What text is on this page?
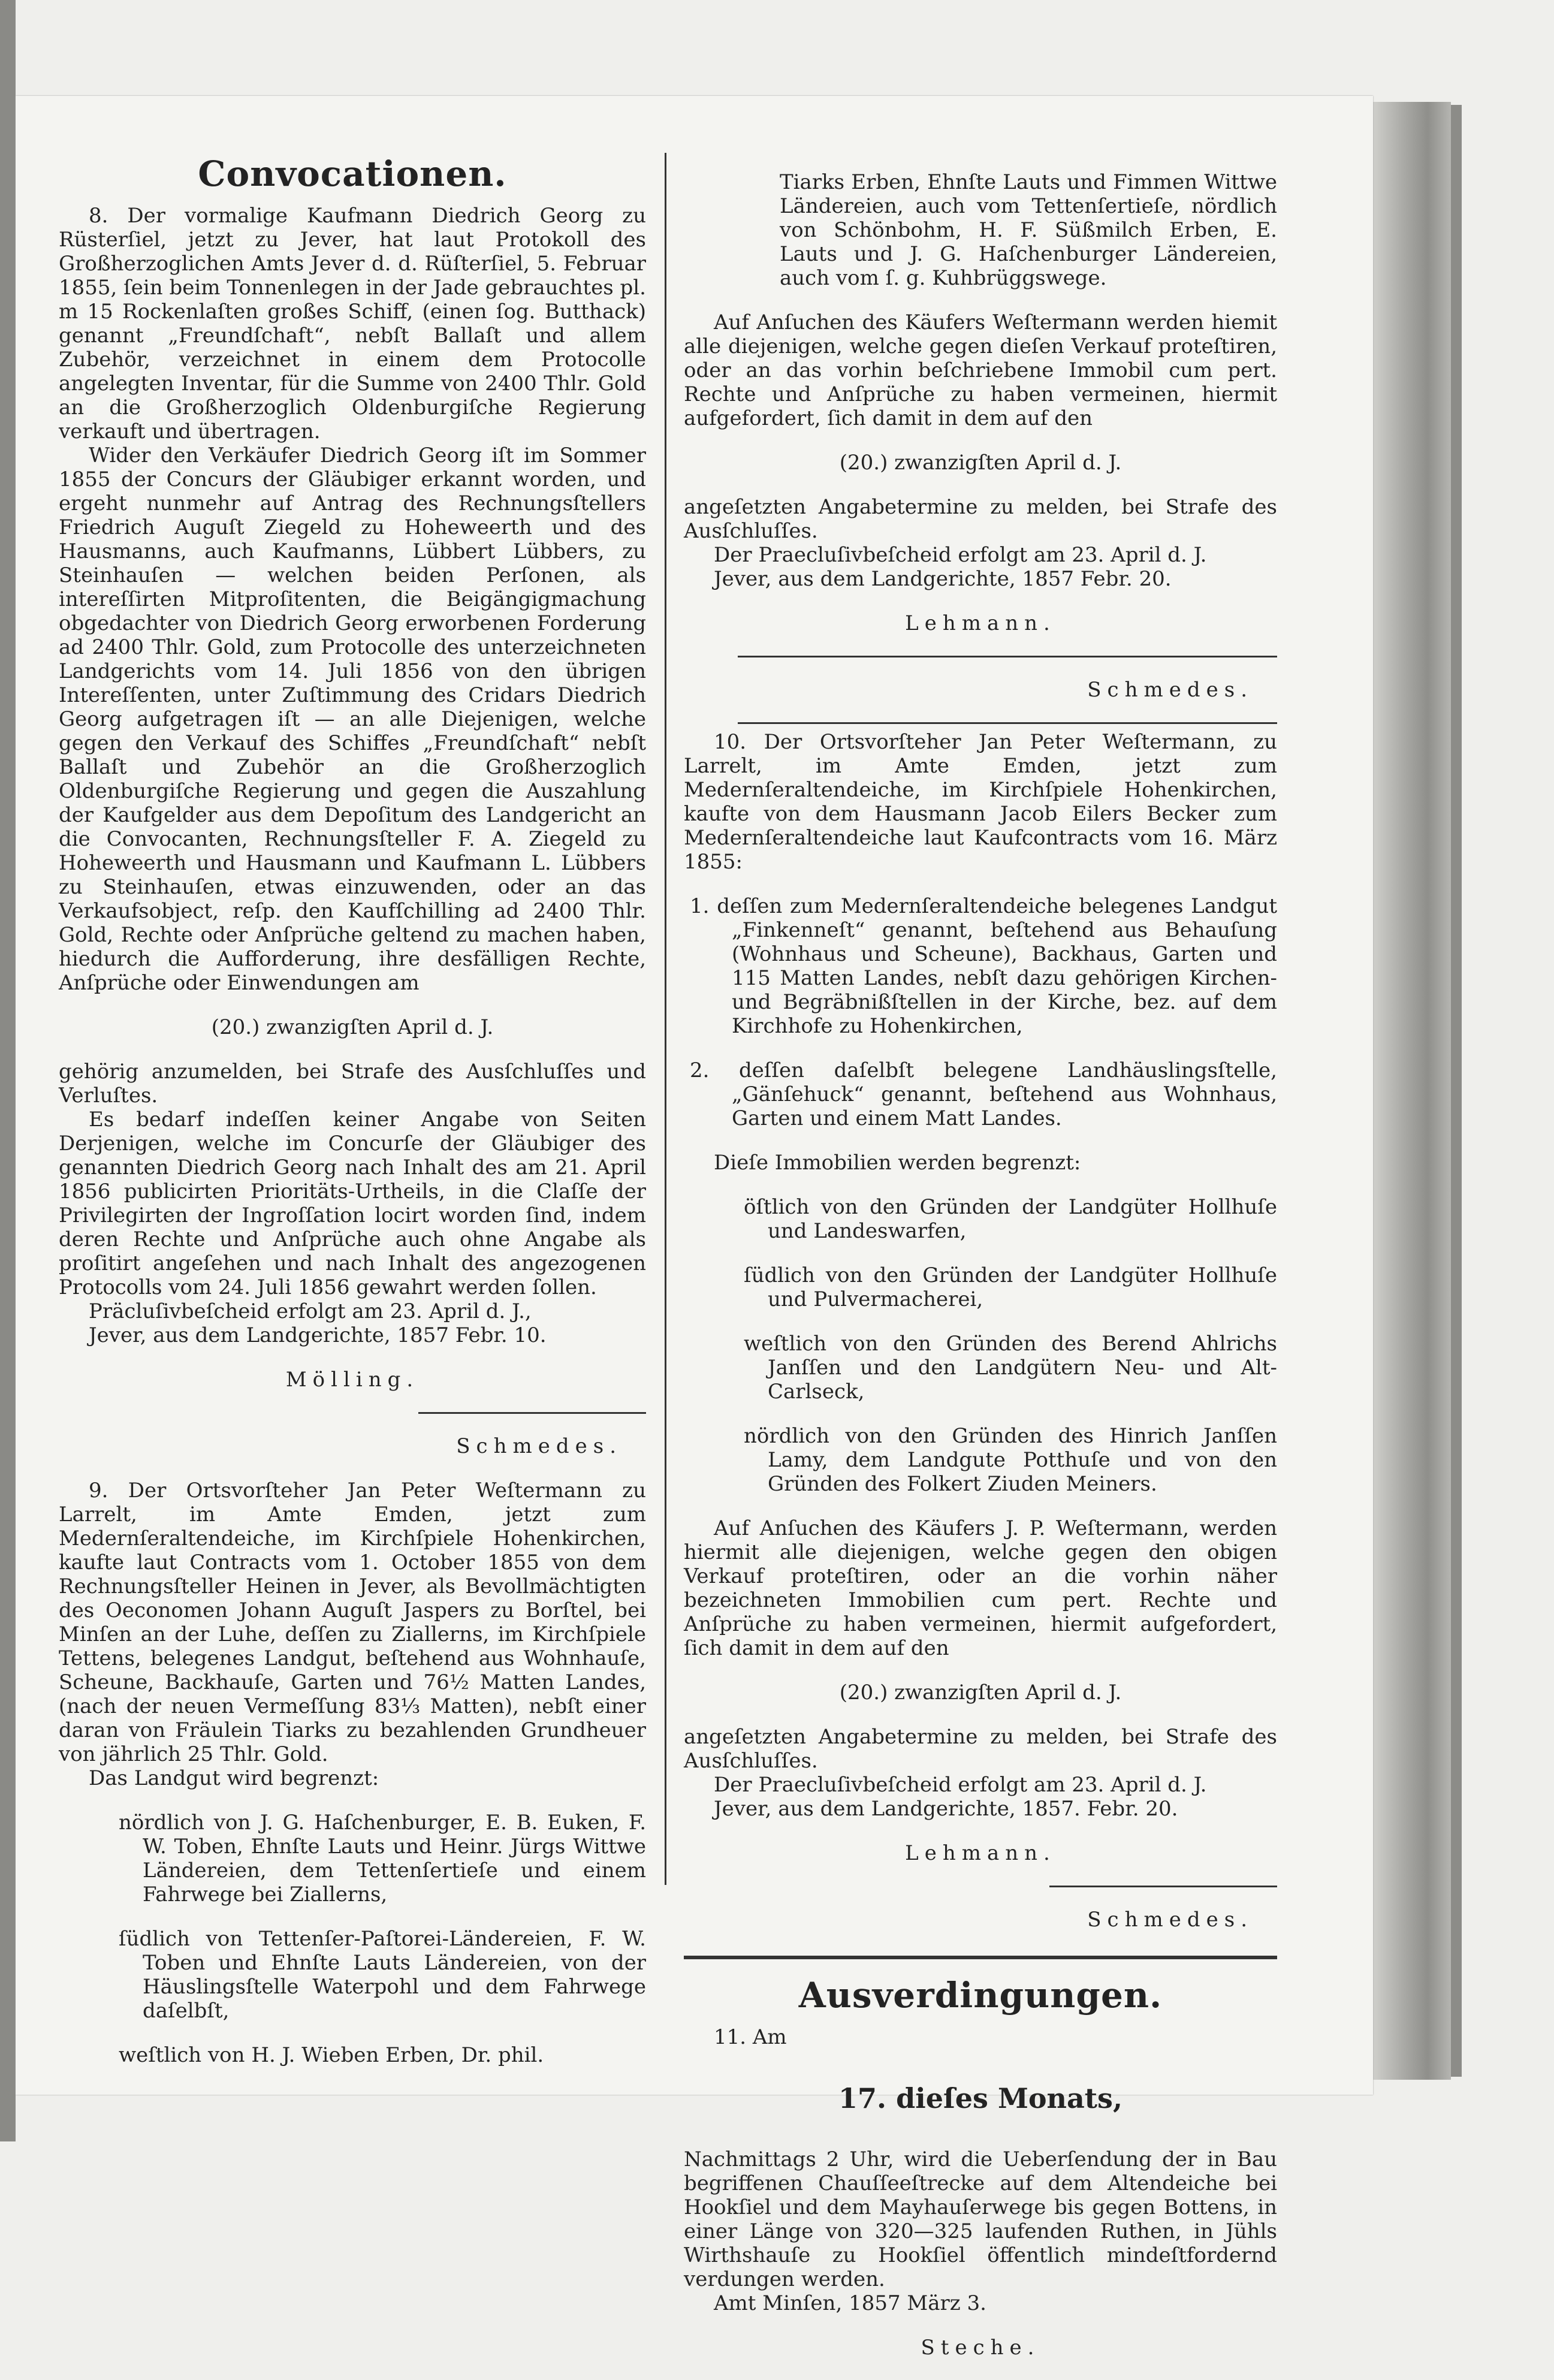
Convocationen.

8. Der vormalige Kaufmann Diedrich Georg zu Rüsterſiel, jetzt zu Jever, hat laut Protokoll des Großherzoglichen Amts Jever d. d. Rüſterſiel, 5. Februar 1855, ſein beim Tonnenlegen in der Jade gebrauchtes pl. m 15 Rockenlaſten großes Schiff, (einen ſog. Butthack) genannt „Freundſchaft“, nebſt Ballaſt und allem Zubehör, verzeichnet in einem dem Protocolle angelegten Inventar, für die Summe von 2400 Thlr. Gold an die Großherzoglich Oldenburgiſche Regierung verkauft und übertragen.

Wider den Verkäufer Diedrich Georg iſt im Sommer 1855 der Concurs der Gläubiger erkannt worden, und ergeht nunmehr auf Antrag des Rechnungsſtellers Friedrich Auguſt Ziegeld zu Hoheweerth und des Hausmanns, auch Kaufmanns, Lübbert Lübbers, zu Steinhauſen — welchen beiden Perſonen, als intereſſirten Mitproſitenten, die Beigängigmachung obgedachter von Diedrich Georg erworbenen Forderung ad 2400 Thlr. Gold, zum Protocolle des unterzeichneten Landgerichts vom 14. Juli 1856 von den übrigen Intereſſenten, unter Zuſtimmung des Cridars Diedrich Georg aufgetragen iſt — an alle Diejenigen, welche gegen den Verkauf des Schiffes „Freundſchaft“ nebſt Ballaſt und Zubehör an die Großherzoglich Oldenburgiſche Regierung und gegen die Auszahlung der Kaufgelder aus dem Depoſitum des Landgericht an die Convocanten, Rechnungsſteller F. A. Ziegeld zu Hoheweerth und Hausmann und Kaufmann L. Lübbers zu Steinhauſen, etwas einzuwenden, oder an das Verkaufsobject, reſp. den Kaufſchilling ad 2400 Thlr. Gold, Rechte oder Anſprüche geltend zu machen haben, hiedurch die Aufforderung, ihre desfälligen Rechte, Anſprüche oder Einwendungen am

(20.) zwanzigſten April d. J.

gehörig anzumelden, bei Strafe des Ausſchluſſes und Verluſtes.

Es bedarf indeſſen keiner Angabe von Seiten Derjenigen, welche im Concurſe der Gläubiger des genannten Diedrich Georg nach Inhalt des am 21. April 1856 publicirten Prioritäts-Urtheils, in die Claſſe der Privilegirten der Ingroſſation locirt worden ſind, indem deren Rechte und Anſprüche auch ohne Angabe als proſitirt angeſehen und nach Inhalt des angezogenen Protocolls vom 24. Juli 1856 gewahrt werden ſollen.

Präcluſivbeſcheid erfolgt am 23. April d. J.,

Jever, aus dem Landgerichte, 1857 Febr. 10.

Mölling.

Schmedes.

9. Der Ortsvorſteher Jan Peter Weſtermann zu Larrelt, im Amte Emden, jetzt zum Medernſeraltendeiche, im Kirchſpiele Hohenkirchen, kaufte laut Contracts vom 1. October 1855 von dem Rechnungsſteller Heinen in Jever, als Bevollmächtigten des Oeconomen Johann Auguſt Jaspers zu Borſtel, bei Minſen an der Luhe, deſſen zu Ziallerns, im Kirchſpiele Tettens, belegenes Landgut, beſtehend aus Wohnhauſe, Scheune, Backhauſe, Garten und 76½ Matten Landes, (nach der neuen Vermeſſung 83⅓ Matten), nebſt einer daran von Fräulein Tiarks zu bezahlenden Grundheuer von jährlich 25 Thlr. Gold.

Das Landgut wird begrenzt:

nördlich von J. G. Haſchenburger, E. B. Euken, F. W. Toben, Ehnſte Lauts und Heinr. Jürgs Wittwe Ländereien, dem Tettenſertieſe und einem Fahrwege bei Ziallerns,

ſüdlich von Tettenſer-Paſtorei-Ländereien, F. W. Toben und Ehnſte Lauts Ländereien, von der Häuslingsſtelle Waterpohl und dem Fahrwege daſelbſt,

weſtlich von H. J. Wieben Erben, Dr. phil.

Tiarks Erben, Ehnſte Lauts und Fimmen Wittwe Ländereien, auch vom Tettenſertieſe, nördlich von Schönbohm, H. F. Süßmilch Erben, E. Lauts und J. G. Haſchenburger Ländereien, auch vom ſ. g. Kuhbrüggswege.

Auf Anſuchen des Käufers Weſtermann werden hiemit alle diejenigen, welche gegen dieſen Verkauf proteſtiren, oder an das vorhin beſchriebene Immobil cum pert. Rechte und Anſprüche zu haben vermeinen, hiermit aufgefordert, ſich damit in dem auf den

(20.) zwanzigſten April d. J.

angeſetzten Angabetermine zu melden, bei Strafe des Ausſchluſſes.

Der Praecluſivbeſcheid erfolgt am 23. April d. J.

Jever, aus dem Landgerichte, 1857 Febr. 20.

Lehmann.

Schmedes.

10. Der Ortsvorſteher Jan Peter Weſtermann, zu Larrelt, im Amte Emden, jetzt zum Medernſeraltendeiche, im Kirchſpiele Hohenkirchen, kaufte von dem Hausmann Jacob Eilers Becker zum Medernſeraltendeiche laut Kaufcontracts vom 16. März 1855:

1. deſſen zum Medernſeraltendeiche belegenes Landgut „Finkenneſt“ genannt, beſtehend aus Behauſung (Wohnhaus und Scheune), Backhaus, Garten und 115 Matten Landes, nebſt dazu gehörigen Kirchen- und Begräbnißſtellen in der Kirche, bez. auf dem Kirchhofe zu Hohenkirchen,

2. deſſen daſelbſt belegene Landhäuslingsſtelle, „Gänſehuck“ genannt, beſtehend aus Wohnhaus, Garten und einem Matt Landes.

Dieſe Immobilien werden begrenzt:

öſtlich von den Gründen der Landgüter Hollhuſe und Landeswarfen,

ſüdlich von den Gründen der Landgüter Hollhuſe und Pulvermacherei,

weſtlich von den Gründen des Berend Ahlrichs Janſſen und den Landgütern Neu- und Alt-Carlseck,

nördlich von den Gründen des Hinrich Janſſen Lamy, dem Landgute Potthuſe und von den Gründen des Folkert Ziuden Meiners.

Auf Anſuchen des Käufers J. P. Weſtermann, werden hiermit alle diejenigen, welche gegen den obigen Verkauf proteſtiren, oder an die vorhin näher bezeichneten Immobilien cum pert. Rechte und Anſprüche zu haben vermeinen, hiermit aufgefordert, ſich damit in dem auf den

(20.) zwanzigſten April d. J.

angeſetzten Angabetermine zu melden, bei Strafe des Ausſchluſſes.

Der Praecluſivbeſcheid erfolgt am 23. April d. J.

Jever, aus dem Landgerichte, 1857. Febr. 20.

Lehmann.

Schmedes.

Ausverdingungen.

11. Am

17. dieſes Monats,

Nachmittags 2 Uhr, wird die Ueberſendung der in Bau begriffenen Chauſſeeſtrecke auf dem Altendeiche bei Hookſiel und dem Mayhauſerwege bis gegen Bottens, in einer Länge von 320—325 laufenden Ruthen, in Jühls Wirthshauſe zu Hookſiel öffentlich mindeſtfordernd verdungen werden.

Amt Minſen, 1857 März 3.

Steche.
